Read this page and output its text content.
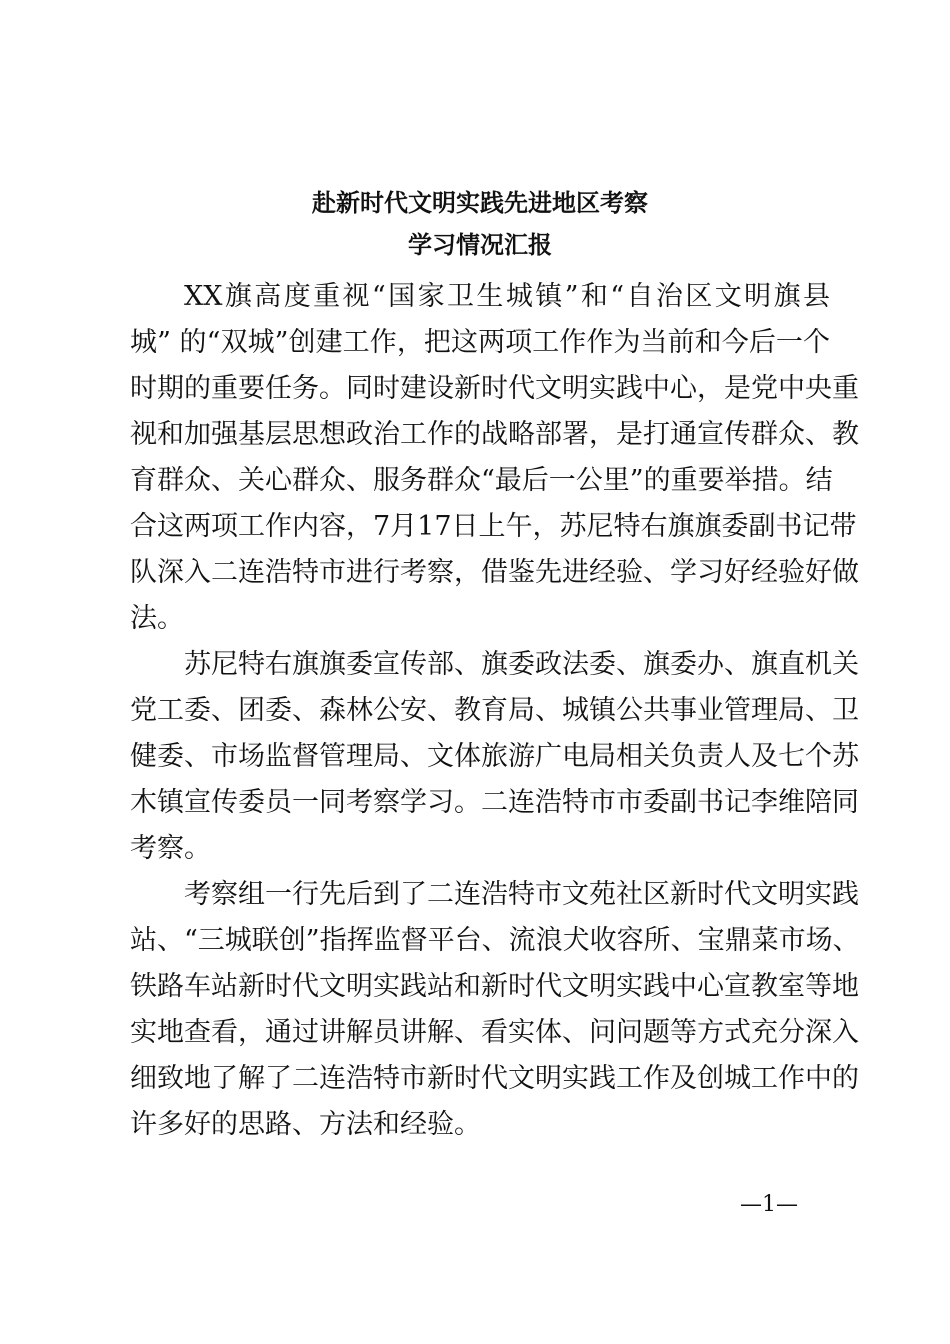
赴新时代文明实践先进地区考察
学习情况汇报
XX旗高度重视“国家卫生城镇”和“自治区文明旗县
城” 的“双城”创建工作，把这两项工作作为当前和今后一个
时期的重要任务。同时建设新时代文明实践中心，是党中央重
视和加强基层思想政治工作的战略部署，是打通宣传群众、教
育群众、关心群众、服务群众“最后一公里”的重要举措。结
合这两项工作内容，7月17日上午，苏尼特右旗旗委副书记带
队深入二连浩特市进行考察，借鉴先进经验、学习好经验好做
法。
苏尼特右旗旗委宣传部、旗委政法委、旗委办、旗直机关
党工委、团委、森林公安、教育局、城镇公共事业管理局、卫
健委、市场监督管理局、文体旅游广电局相关负责人及七个苏
木镇宣传委员一同考察学习。二连浩特市市委副书记李维陪同
考察。
考察组一行先后到了二连浩特市文苑社区新时代文明实践
站、“三城联创”指挥监督平台、流浪犬收容所、宝鼎菜市场、
铁路车站新时代文明实践站和新时代文明实践中心宣教室等地
实地查看，通过讲解员讲解、看实体、问问题等方式充分深入
细致地了解了二连浩特市新时代文明实践工作及创城工作中的
许多好的思路、方法和经验。
—1—
